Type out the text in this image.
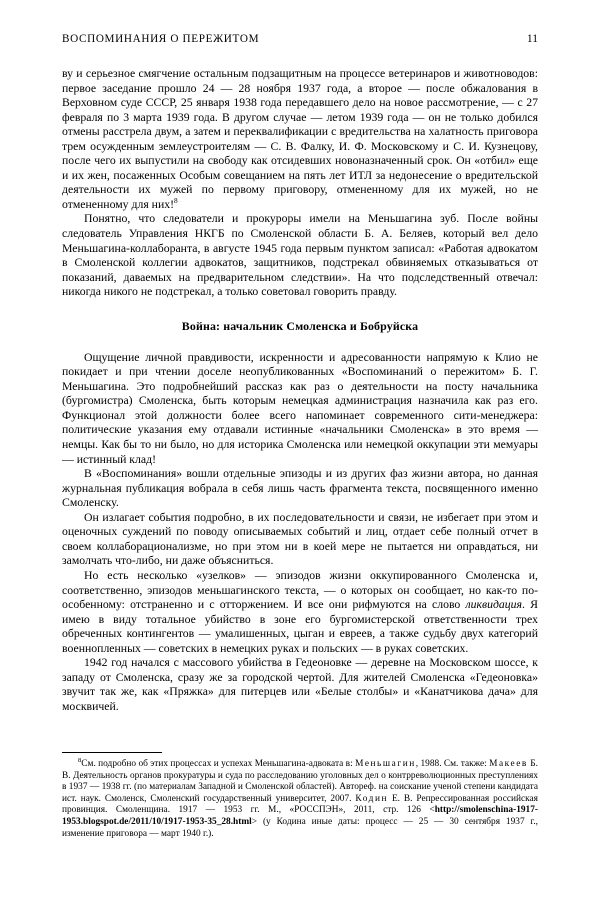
ВОСПОМИНАНИЯ О ПЕРЕЖИТОМ	11

ву и серьезное смягчение остальным подзащитным на процессе ветеринаров и животноводов: первое заседание прошло 24 — 28 ноября 1937 года, а второе — после обжалования в Верховном суде СССР, 25 января 1938 года передавшего дело на новое рассмотрение, — с 27 февраля по 3 марта 1939 года. В другом случае — летом 1939 года — он не только добился отмены расстрела двум, а затем и переквалификации с вредительства на халатность приговора трем осужденным землеустроителям — С. В. Фалку, И. Ф. Московскому и С. И. Кузнецову, после чего их выпустили на свободу как отсидевших новоназначенный срок. Он «отбил» еще и их жен, посаженных Особым совещанием на пять лет ИТЛ за недонесение о вредительской деятельности их мужей по первому приговору, отмененному для их мужей, но не отмененному для них!$^8$

Понятно, что следователи и прокуроры имели на Меньшагина зуб. После войны следователь Управления НКГБ по Смоленской области Б. А. Беляев, который вел дело Меньшагина-коллаборанта, в августе 1945 года первым пунктом записал: «Работая адвокатом в Смоленской коллегии адвокатов, защитников, подстрекал обвиняемых отказываться от показаний, даваемых на предварительном следствии». На что подследственный отвечал: никогда никого не подстрекал, а только советовал говорить правду.

Война: начальник Смоленска и Бобруйска

Ощущение личной правдивости, искренности и адресованности напрямую к Клио не покидает и при чтении доселе неопубликованных «Воспоминаний о пережитом» Б. Г. Меньшагина. Это подробнейший рассказ как раз о деятельности на посту начальника (бургомистра) Смоленска, быть которым немецкая администрация назначила как раз его. Функционал этой должности более всего напоминает современного сити-менеджера: политические указания ему отдавали истинные «начальники Смоленска» в это время — немцы. Как бы то ни было, но для историка Смоленска или немецкой оккупации эти мемуары — истинный клад!

В «Воспоминания» вошли отдельные эпизоды и из других фаз жизни автора, но данная журнальная публикация вобрала в себя лишь часть фрагмента текста, посвященного именно Смоленску.

Он излагает события подробно, в их последовательности и связи, не избегает при этом и оценочных суждений по поводу описываемых событий и лиц, отдает себе полный отчет в своем коллаборационализме, но при этом ни в коей мере не пытается ни оправдаться, ни замолчать что-либо, ни даже объясниться.

Но есть несколько «узелков» — эпизодов жизни оккупированного Смоленска и, соответственно, эпизодов меньшагинского текста, — о которых он сообщает, но как-то по-особенному: отстраненно и с отторжением. И все они рифмуются на слово ликвидация. Я имею в виду тотальное убийство в зоне его бургомистерской ответственности трех обреченных контингентов — умалишенных, цыган и евреев, а также судьбу двух категорий военнопленных — советских в немецких руках и польских — в руках советских.

1942 год начался с массового убийства в Гедеоновке — деревне на Московском шоссе, к западу от Смоленска, сразу же за городской чертой. Для жителей Смоленска «Гедеоновка» звучит так же, как «Пряжка» для питерцев или «Белые столбы» и «Канатчикова дача» для москвичей.

$^8$См. подробно об этих процессах и успехах Меньшагина-адвоката в: Меньшагин, 1988. См. также: Макеев Б. В. Деятельность органов прокуратуры и суда по расследованию уголовных дел о контрреволюционных преступлениях в 1937 — 1938 гг. (по материалам Западной и Смоленской областей). Автореф. на соискание ученой степени кандидата ист. наук. Смоленск, Смоленский государственный университет, 2007. Кодин Е. В. Репрессированная российская провинция. Смоленщина. 1917 — 1953 гг. М., «РОССПЭН», 2011, стр. 126 <http://smolenschina-1917-1953.blogspot.de/2011/10/1917-1953-35_28.html> (у Кодина иные даты: процесс — 25 — 30 сентября 1937 г., изменение приговора — март 1940 г.).
